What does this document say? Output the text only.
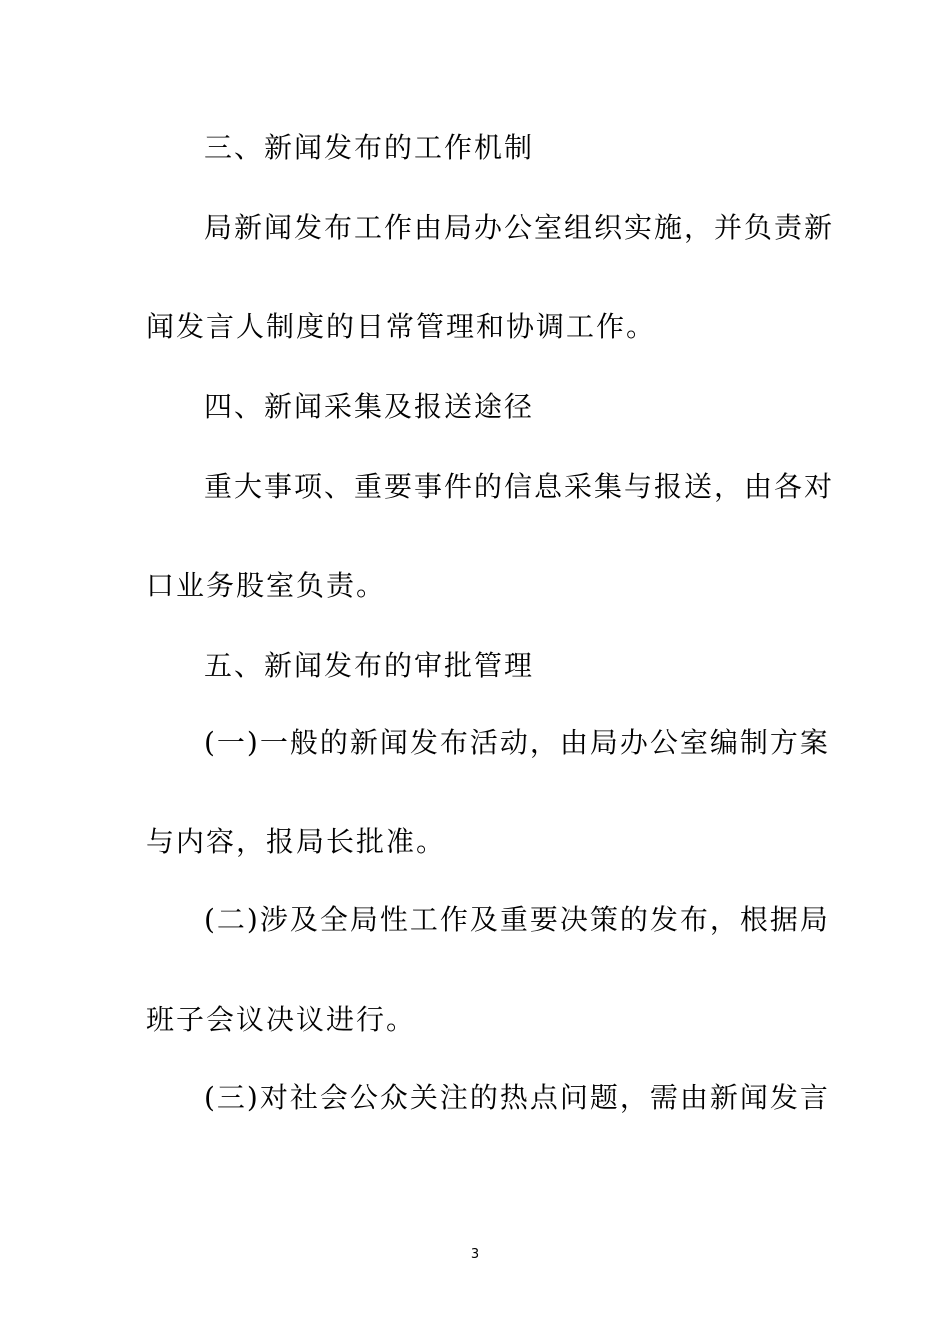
三、新闻发布的工作机制
局新闻发布工作由局办公室组织实施，并负责新
闻发言人制度的日常管理和协调工作。
四、新闻采集及报送途径
重大事项、重要事件的信息采集与报送，由各对
口业务股室负责。
五、新闻发布的审批管理
(一)一般的新闻发布活动，由局办公室编制方案
与内容，报局长批准。
(二)涉及全局性工作及重要决策的发布，根据局
班子会议决议进行。
(三)对社会公众关注的热点问题，需由新闻发言
3
